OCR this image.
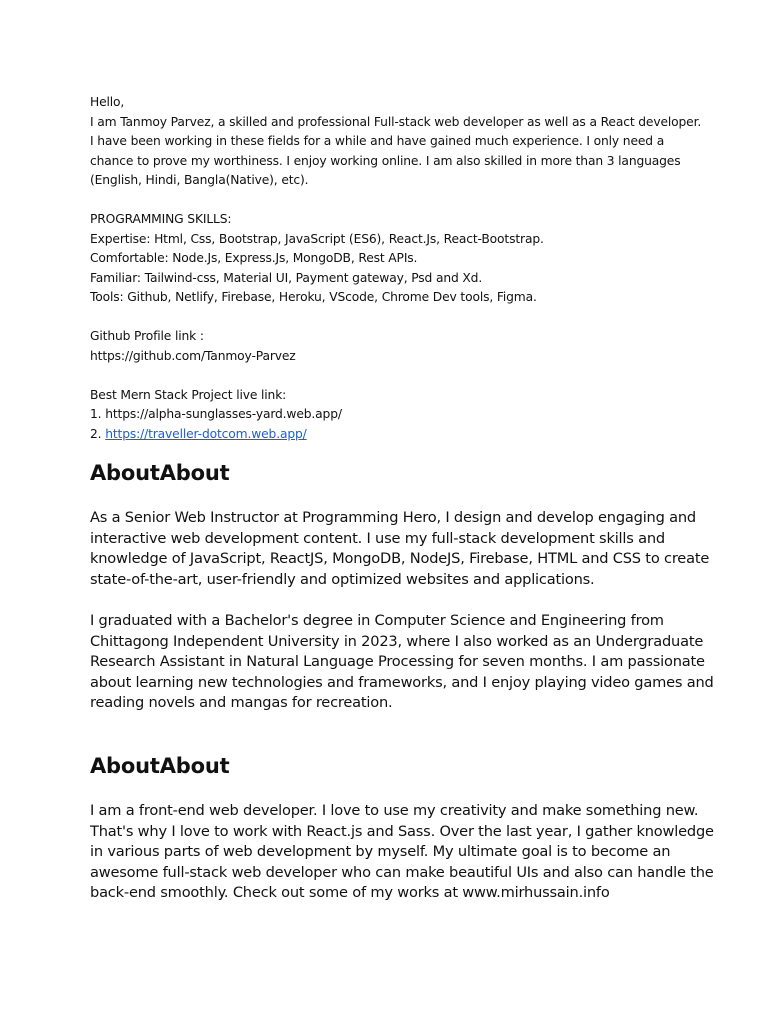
Hello,

I am Tanmoy Parvez, a skilled and professional Full-stack web developer as well as a React developer.

I have been working in these fields for a while and have gained much experience. I only need a

chance to prove my worthiness. I enjoy working online. I am also skilled in more than 3 languages

(English, Hindi, Bangla(Native), etc).

PROGRAMMING SKILLS:

Expertise: Html, Css, Bootstrap, JavaScript (ES6), React.Js, React-Bootstrap.

Comfortable: Node.Js, Express.Js, MongoDB, Rest APIs.

Familiar: Tailwind-css, Material UI, Payment gateway, Psd and Xd.

Tools: Github, Netlify, Firebase, Heroku, VScode, Chrome Dev tools, Figma.

Github Profile link :

https://github.com/Tanmoy-Parvez

Best Mern Stack Project live link:

1. https://alpha-sunglasses-yard.web.app/

2. https://traveller-dotcom.web.app/

AboutAbout

As a Senior Web Instructor at Programming Hero, I design and develop engaging and

interactive web development content. I use my full-stack development skills and

knowledge of JavaScript, ReactJS, MongoDB, NodeJS, Firebase, HTML and CSS to create

state-of-the-art, user-friendly and optimized websites and applications.

I graduated with a Bachelor's degree in Computer Science and Engineering from

Chittagong Independent University in 2023, where I also worked as an Undergraduate

Research Assistant in Natural Language Processing for seven months. I am passionate

about learning new technologies and frameworks, and I enjoy playing video games and

reading novels and mangas for recreation.

AboutAbout

I am a front-end web developer. I love to use my creativity and make something new.

That's why I love to work with React.js and Sass. Over the last year, I gather knowledge

in various parts of web development by myself. My ultimate goal is to become an

awesome full-stack web developer who can make beautiful UIs and also can handle the

back-end smoothly. Check out some of my works at www.mirhussain.info
